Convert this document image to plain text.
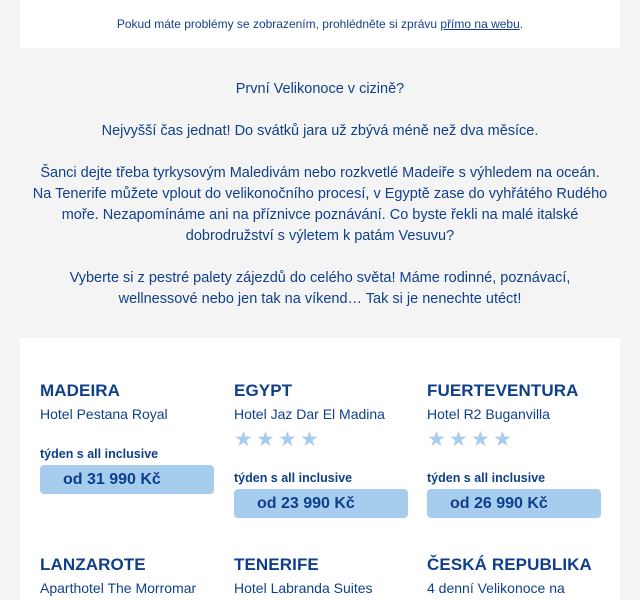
Pokud máte problémy se zobrazením, prohlédněte si zprávu přímo na webu.

První Velikonoce v cizině?

Nejvyšší čas jednat! Do svátků jara už zbývá méně než dva měsíce.

Šanci dejte třeba tyrkysovým Maledivám nebo rozkvetlé Madeiře s výhledem na oceán.

Na Tenerife můžete vplout do velikonočního procesí, v Egyptě zase do vyhřátého Rudého

moře. Nezapomínáme ani na příznivce poznávání. Co byste řekli na malé italské

dobrodružství s výletem k patám Vesuvu?

Vyberte si z pestré palety zájezdů do celého světa! Máme rodinné, poznávací,

wellnessové nebo jen tak na víkend… Tak si je nenechte utéct!

MADEIRA
Hotel Pestana Royal
týden s all inclusive
od 31 990 Kč
EGYPT
Hotel Jaz Dar El Madina
★ ★ ★ ★
týden s all inclusive
od 23 990 Kč
FUERTEVENTURA
Hotel R2 Buganvilla
★ ★ ★ ★
týden s all inclusive
od 26 990 Kč
LANZAROTE
Aparthotel The Morromar
TENERIFE
Hotel Labranda Suites
ČESKÁ REPUBLIKA
4 denní Velikonoce na
